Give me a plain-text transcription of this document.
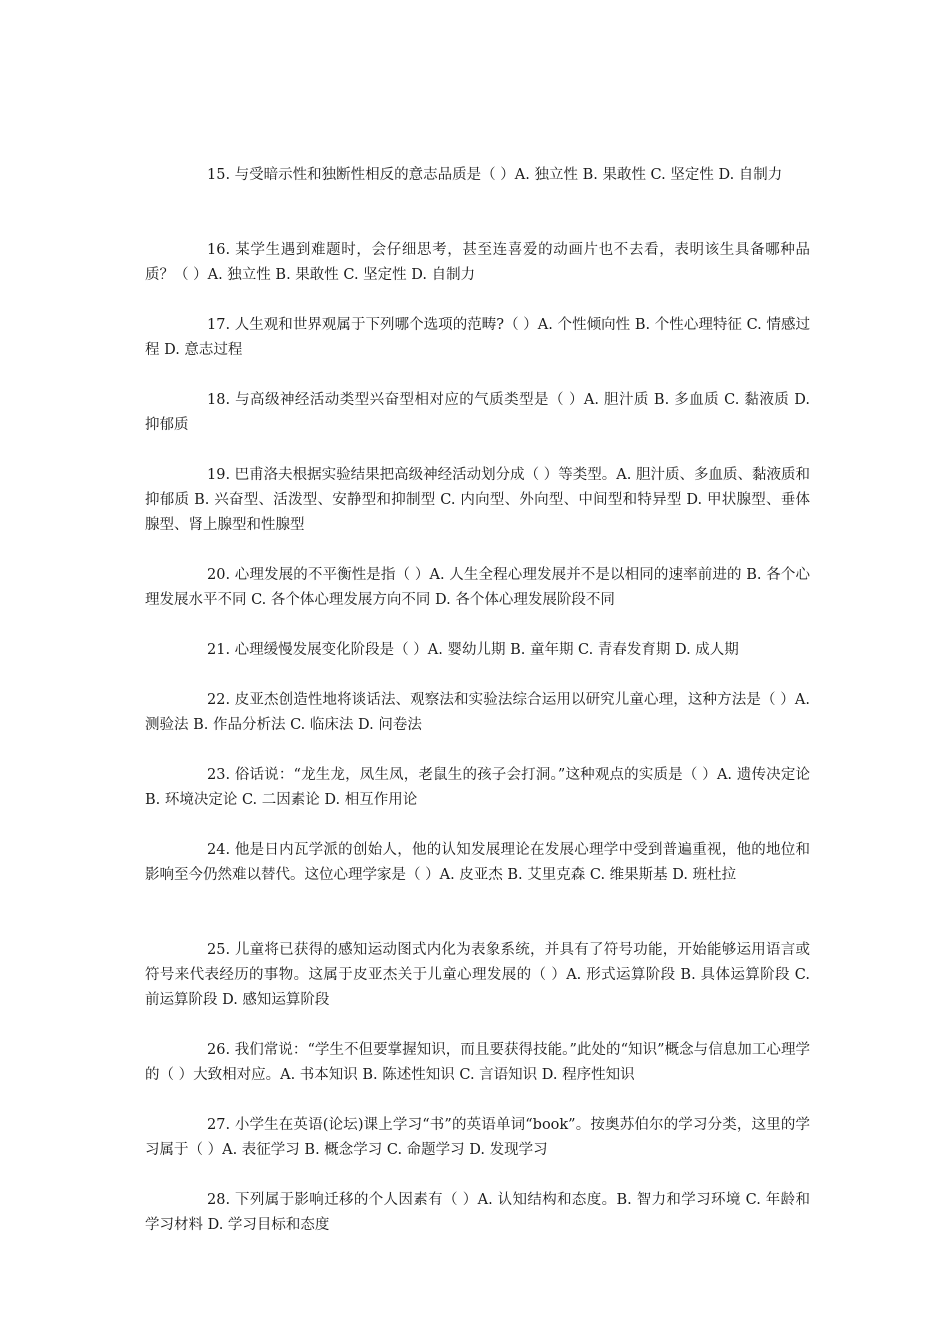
15. 与受暗示性和独断性相反的意志品质是（ ）A. 独立性 B. 果敢性 C. 坚定性 D. 自制力

16. 某学生遇到难题时，会仔细思考，甚至连喜爱的动画片也不去看，表明该生具备哪种品质？（ ）A. 独立性 B. 果敢性 C. 坚定性 D. 自制力

17. 人生观和世界观属于下列哪个选项的范畴?（ ）A. 个性倾向性 B. 个性心理特征 C. 情感过程 D. 意志过程

18. 与高级神经活动类型兴奋型相对应的气质类型是（ ）A. 胆汁质 B. 多血质 C. 黏液质 D. 抑郁质

19. 巴甫洛夫根据实验结果把高级神经活动划分成（ ）等类型。A. 胆汁质、多血质、黏液质和抑郁质 B. 兴奋型、活泼型、安静型和抑制型 C. 内向型、外向型、中间型和特异型 D. 甲状腺型、垂体腺型、肾上腺型和性腺型

20. 心理发展的不平衡性是指（ ）A. 人生全程心理发展并不是以相同的速率前进的 B. 各个心理发展水平不同 C. 各个体心理发展方向不同 D. 各个体心理发展阶段不同

21. 心理缓慢发展变化阶段是（ ）A. 婴幼儿期 B. 童年期 C. 青春发育期 D. 成人期

22. 皮亚杰创造性地将谈话法、观察法和实验法综合运用以研究儿童心理，这种方法是（ ）A. 测验法 B. 作品分析法 C. 临床法 D. 问卷法

23. 俗话说：“龙生龙，凤生凤，老鼠生的孩子会打洞。”这种观点的实质是（ ）A. 遗传决定论 B. 环境决定论 C. 二因素论 D. 相互作用论

24. 他是日内瓦学派的创始人，他的认知发展理论在发展心理学中受到普遍重视，他的地位和影响至今仍然难以替代。这位心理学家是（ ）A. 皮亚杰 B. 艾里克森 C. 维果斯基 D. 班杜拉

25. 儿童将已获得的感知运动图式内化为表象系统，并具有了符号功能，开始能够运用语言或符号来代表经历的事物。这属于皮亚杰关于儿童心理发展的（ ）A. 形式运算阶段 B. 具体运算阶段 C. 前运算阶段 D. 感知运算阶段

26. 我们常说：“学生不但要掌握知识，而且要获得技能。”此处的“知识”概念与信息加工心理学的（ ）大致相对应。A. 书本知识 B. 陈述性知识 C. 言语知识 D. 程序性知识

27. 小学生在英语(论坛)课上学习“书”的英语单词“book”。按奥苏伯尔的学习分类，这里的学习属于（ ）A. 表征学习 B. 概念学习 C. 命题学习 D. 发现学习

28. 下列属于影响迁移的个人因素有（ ）A. 认知结构和态度。B. 智力和学习环境 C. 年龄和学习材料 D. 学习目标和态度
